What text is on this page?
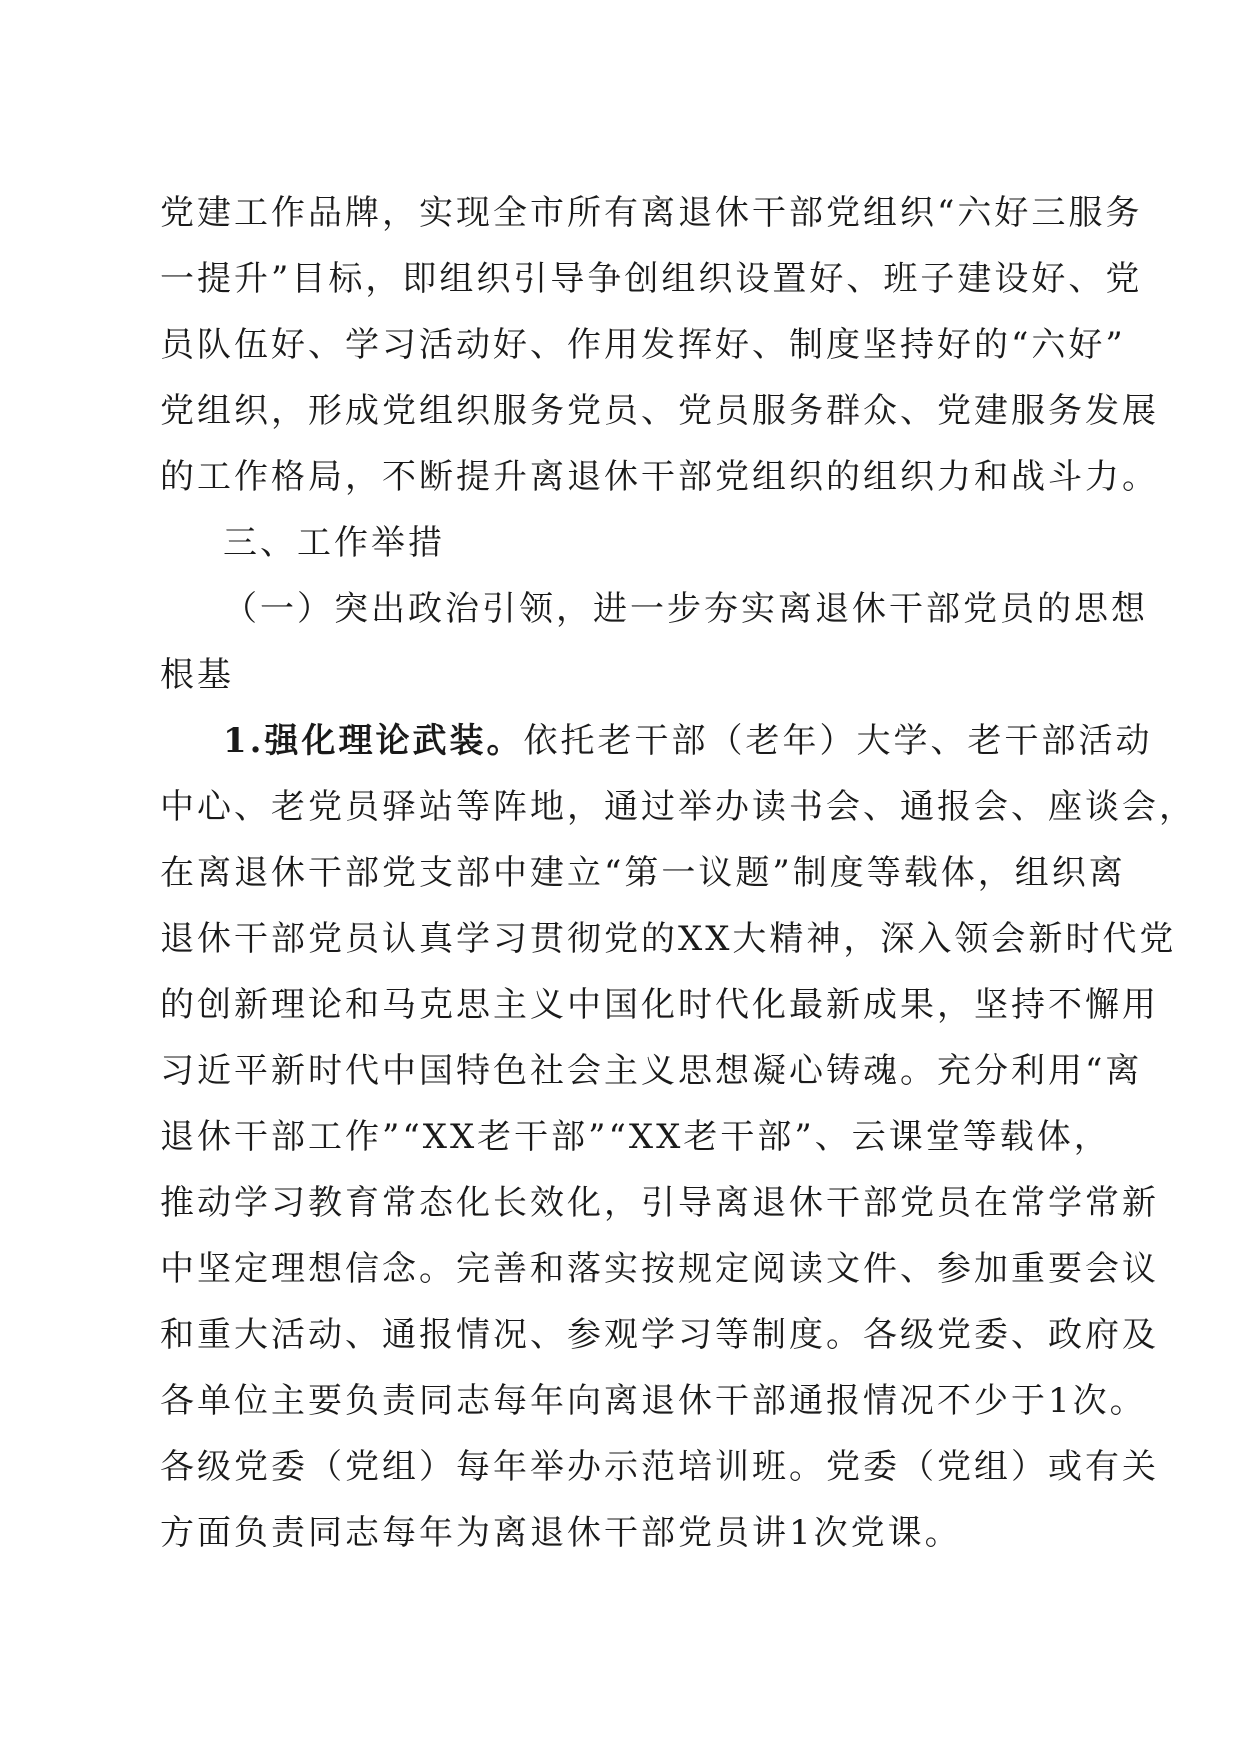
党建工作品牌，实现全市所有离退休干部党组织“六好三服务
一提升”目标，即组织引导争创组织设置好、班子建设好、党
员队伍好、学习活动好、作用发挥好、制度坚持好的“六好”
党组织，形成党组织服务党员、党员服务群众、党建服务发展
的工作格局，不断提升离退休干部党组织的组织力和战斗力。
三、工作举措
（一）突出政治引领，进一步夯实离退休干部党员的思想
根基
1.强化理论武装。依托老干部（老年）大学、老干部活动
中心、老党员驿站等阵地，通过举办读书会、通报会、座谈会，
在离退休干部党支部中建立“第一议题”制度等载体，组织离
退休干部党员认真学习贯彻党的XX大精神，深入领会新时代党
的创新理论和马克思主义中国化时代化最新成果，坚持不懈用
习近平新时代中国特色社会主义思想凝心铸魂。充分利用“离
退休干部工作”“XX老干部”“XX老干部”、云课堂等载体，
推动学习教育常态化长效化，引导离退休干部党员在常学常新
中坚定理想信念。完善和落实按规定阅读文件、参加重要会议
和重大活动、通报情况、参观学习等制度。各级党委、政府及
各单位主要负责同志每年向离退休干部通报情况不少于1次。
各级党委（党组）每年举办示范培训班。党委（党组）或有关
方面负责同志每年为离退休干部党员讲1次党课。
